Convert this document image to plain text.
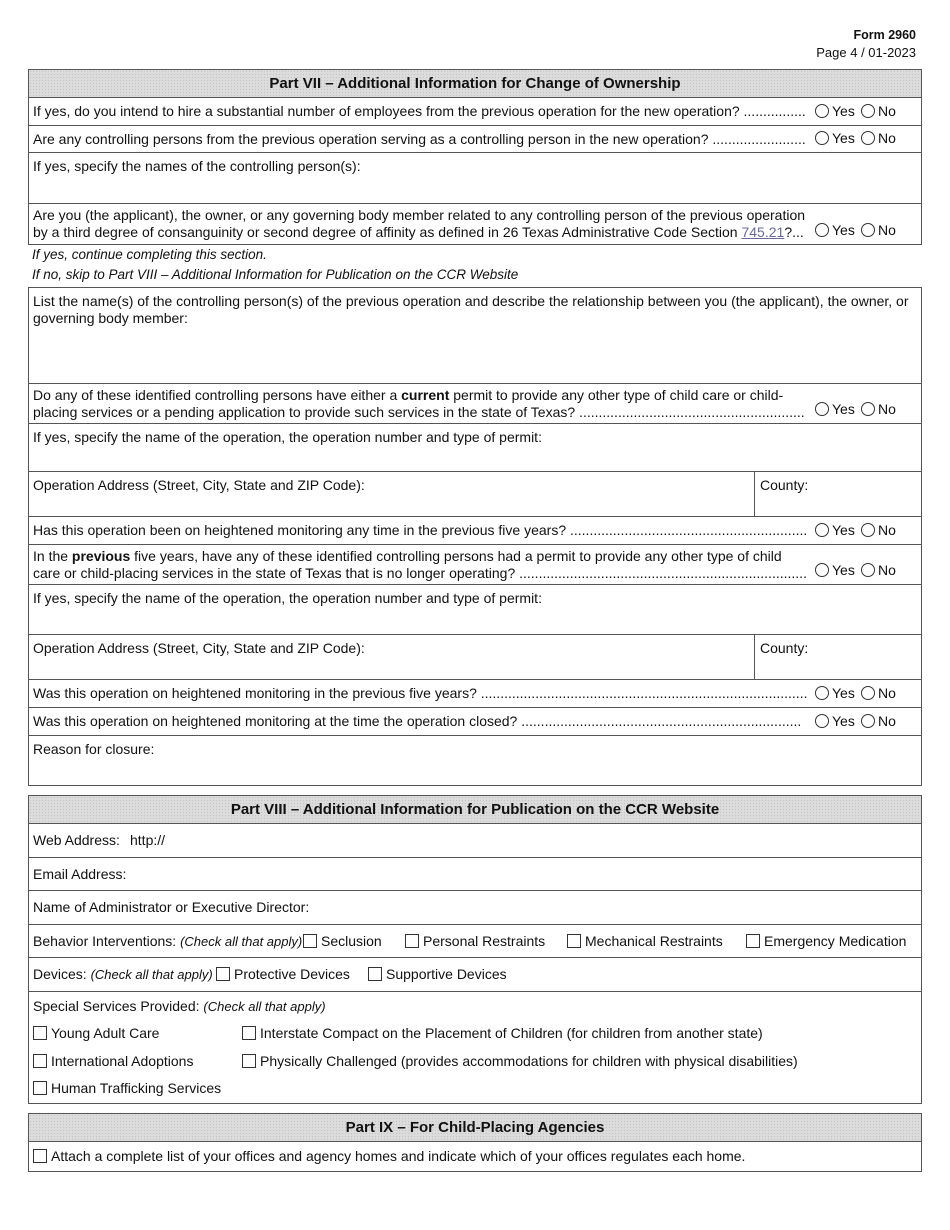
Form 2960
Page 4 / 01-2023
Part VII – Additional Information for Change of Ownership
If yes, do you intend to hire a substantial number of employees from the previous operation for the new operation? ................	Yes No
Are any controlling persons from the previous operation serving as a controlling person in the new operation? ........................	Yes No
If yes, specify the names of the controlling person(s):
Are you (the applicant), the owner, or any governing body member related to any controlling person of the previous operation
by a third degree of consanguinity or second degree of affinity as defined in 26 Texas Administrative Code Section 745.21?...	Yes No
If yes, continue completing this section.
If no, skip to Part VIII – Additional Information for Publication on the CCR Website
List the name(s) of the controlling person(s) of the previous operation and describe the relationship between you (the applicant), the owner, or
governing body member:
Do any of these identified controlling persons have either a current permit to provide any other type of child care or child-
placing services or a pending application to provide such services in the state of Texas? ..........................................................	Yes No
If yes, specify the name of the operation, the operation number and type of permit:
Operation Address (Street, City, State and ZIP Code):	County:
Has this operation been on heightened monitoring any time in the previous five years? .............................................................	Yes No
In the previous five years, have any of these identified controlling persons had a permit to provide any other type of child
care or child-placing services in the state of Texas that is no longer operating? ..........................................................................	Yes No
If yes, specify the name of the operation, the operation number and type of permit:
Operation Address (Street, City, State and ZIP Code):	County:
Was this operation on heightened monitoring in the previous five years? ....................................................................................	Yes No
Was this operation on heightened monitoring at the time the operation closed? ........................................................................	Yes No
Reason for closure:
Part VIII – Additional Information for Publication on the CCR Website
Web Address: http://
Email Address:
Name of Administrator or Executive Director:
Behavior Interventions: (Check all that apply)	Seclusion	Personal Restraints	Mechanical Restraints	Emergency Medication
Devices: (Check all that apply)	Protective Devices	Supportive Devices
Special Services Provided: (Check all that apply)
Young Adult Care	Interstate Compact on the Placement of Children (for children from another state)
International Adoptions	Physically Challenged (provides accommodations for children with physical disabilities)
Human Trafficking Services
Part IX – For Child-Placing Agencies
Attach a complete list of your offices and agency homes and indicate which of your offices regulates each home.
